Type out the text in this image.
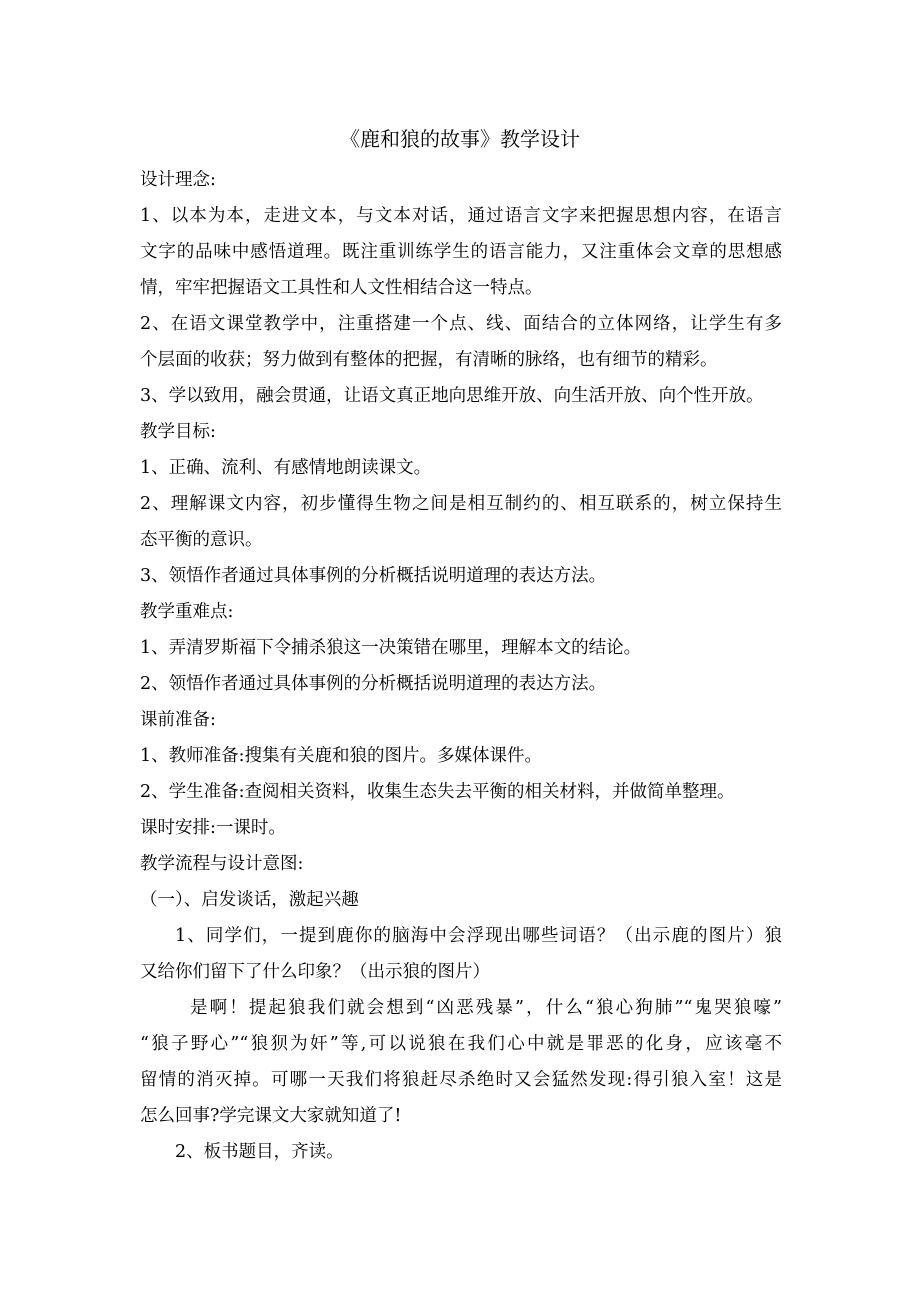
《鹿和狼的故事》教学设计
设计理念:
1、以本为本，走进文本，与文本对话，通过语言文字来把握思想内容，在语言
文字的品味中感悟道理。既注重训练学生的语言能力，又注重体会文章的思想感
情，牢牢把握语文工具性和人文性相结合这一特点。
2、在语文课堂教学中，注重搭建一个点、线、面结合的立体网络，让学生有多
个层面的收获；努力做到有整体的把握，有清晰的脉络，也有细节的精彩。
3、学以致用，融会贯通，让语文真正地向思维开放、向生活开放、向个性开放。
教学目标:
1、正确、流利、有感情地朗读课文。
2、理解课文内容，初步懂得生物之间是相互制约的、相互联系的，树立保持生
态平衡的意识。
3、领悟作者通过具体事例的分析概括说明道理的表达方法。
教学重难点:
1、弄清罗斯福下令捕杀狼这一决策错在哪里，理解本文的结论。
2、领悟作者通过具体事例的分析概括说明道理的表达方法。
课前准备:
1、教师准备:搜集有关鹿和狼的图片。多媒体课件。
2、学生准备:查阅相关资料，收集生态失去平衡的相关材料，并做简单整理。
课时安排:一课时。
教学流程与设计意图:
（一）、启发谈话，激起兴趣
1、同学们，一提到鹿你的脑海中会浮现出哪些词语？（出示鹿的图片）狼
又给你们留下了什么印象？（出示狼的图片）
是啊！提起狼我们就会想到“凶恶残暴”，什么“狼心狗肺”“鬼哭狼嚎”
“狼子野心”“狼狈为奸”等,可以说狼在我们心中就是罪恶的化身，应该毫不
留情的消灭掉。可哪一天我们将狼赶尽杀绝时又会猛然发现:得引狼入室！这是
怎么回事?学完课文大家就知道了!
2、板书题目，齐读。
